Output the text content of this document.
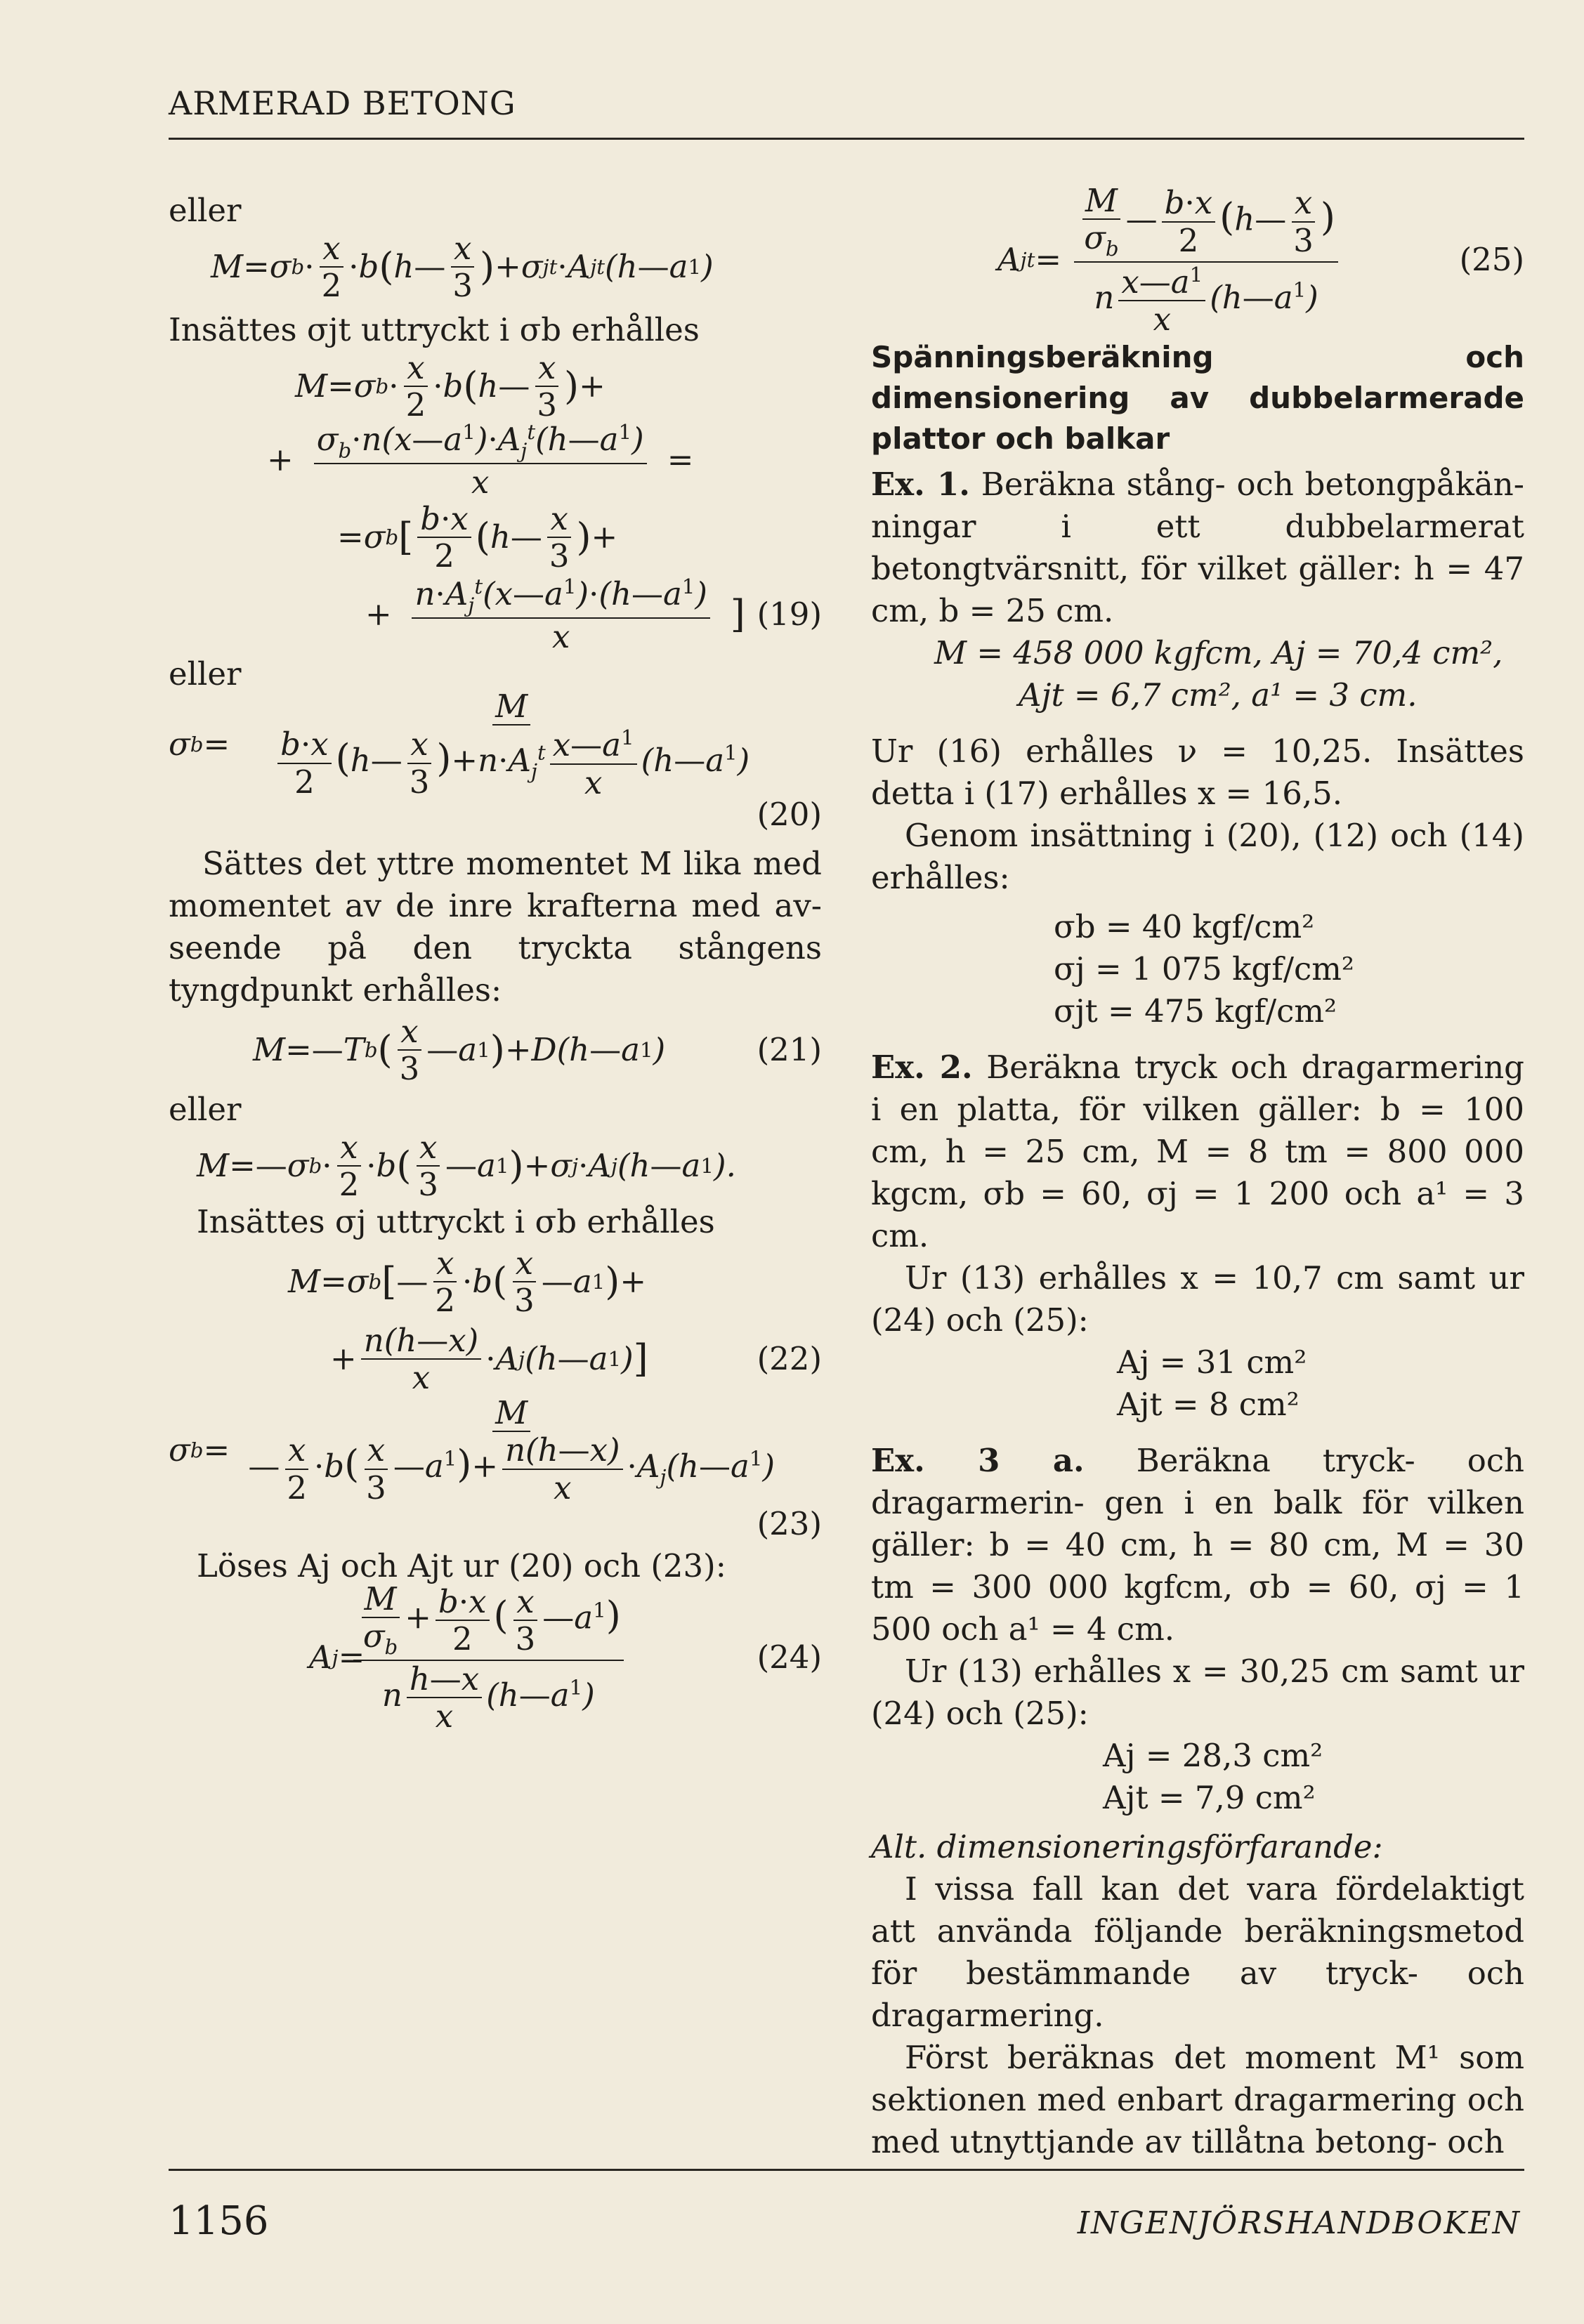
ARMERAD BETONG

eller

M = σ $b \cdot \frac{x}{2} \cdot b$ ( h — $\frac{x}{3}$ ) + σ j t · A j t (h — a 1 )

Insättes σjt uttryckt i σb erhålles

M = σ $b \cdot \frac{x}{2} \cdot b$ ( h — $\frac{x}{3}$ ) +
+ $\frac{\sigma_b\cdot n(x—a^1)\cdot A_j^t(h—a^1)}{x}$ =
= σ b [ $\frac{b\cdot x}{2}$ ( h — $\frac{x}{3}$ ) +
+ $\frac{n\cdot A_j^t(x—a^1)\cdot(h—a^1)}{x}$ ] (19)

eller

σ $b = \frac{M}{\frac{b\cdot x}{2} (h— \frac{x}{3} )+n\cdot A_j^t \frac{x—a^1}{x} (h—a^1)}$
(20)

Sättes det yttre momentet M lika med momentet av de inre krafterna med av- seende på den tryckta stångens tyngdpunkt erhålles:

M =— T b ( $\frac{x}{3}$ — a 1 ) + D(h — a 1 )	(21)

eller

M =— σ $b \cdot \frac{x}{2} \cdot b$ ( $\frac{x}{3}$ — a 1 ) + σ j · A j (h — a 1 ).

Insättes σj uttryckt i σb erhålles

M = σ b [ — $\frac{x}{2} \cdot b$ ( $\frac{x}{3}$ — a 1 ) +
+ $\frac{n(h—x)}{x} \cdot A$ j (h — a 1 ) ]	(22)
σ $b = \frac{M}{— \frac{x}{2} \cdot b( \frac{x}{3} —a^1)+ \frac{n(h—x)}{x} \cdot A_j(h—a^1)}$
(23)

Löses Aj och Ajt ur (20) och (23):

A $j = \frac{\frac{M}{\sigma_b} + \frac{b\cdot x}{2} ( \frac{x}{3} —a^1)}{n \frac{h—x}{x} (h—a^1)}$	(24)
A j $t = \frac{\frac{M}{\sigma_b} — \frac{b\cdot x}{2} (h— \frac{x}{3} )}{n \frac{x—a^1}{x} (h—a^1)}$	(25)

Spänningsberäkning och dimensionering av dubbelarmerade plattor och balkar

Ex. 1. Beräkna stång- och betongpåkän- ningar i ett dubbelarmerat betongtvärsnitt, för vilket gäller: h = 47 cm, b = 25 cm.

M = 458 000 kgfcm, Aj = 70,4 cm²,
Ajt = 6,7 cm², a¹ = 3 cm.

Ur (16) erhålles ν = 10,25. Insättes detta i (17) erhålles x = 16,5.

Genom insättning i (20), (12) och (14) erhålles:

σb = 40 kgf/cm²
σj = 1 075 kgf/cm²
σjt = 475 kgf/cm²

Ex. 2. Beräkna tryck och dragarmering i en platta, för vilken gäller: b = 100 cm, h = 25 cm, M = 8 tm = 800 000 kgcm, σb = 60, σj = 1 200 och a¹ = 3 cm.

Ur (13) erhålles x = 10,7 cm samt ur (24) och (25):

Aj = 31 cm²
Ajt = 8 cm²

Ex. 3 a. Beräkna tryck- och dragarmerin- gen i en balk för vilken gäller: b = 40 cm, h = 80 cm, M = 30 tm = 300 000 kgfcm, σb = 60, σj = 1 500 och a¹ = 4 cm.

Ur (13) erhålles x = 30,25 cm samt ur (24) och (25):

Aj = 28,3 cm²
Ajt = 7,9 cm²

Alt. dimensioneringsförfarande:

I vissa fall kan det vara fördelaktigt att använda följande beräkningsmetod för bestämmande av tryck- och dragarmering.

Först beräknas det moment M¹ som sektionen med enbart dragarmering och med utnyttjande av tillåtna betong- och

1156	INGENJÖRSHANDBOKEN
